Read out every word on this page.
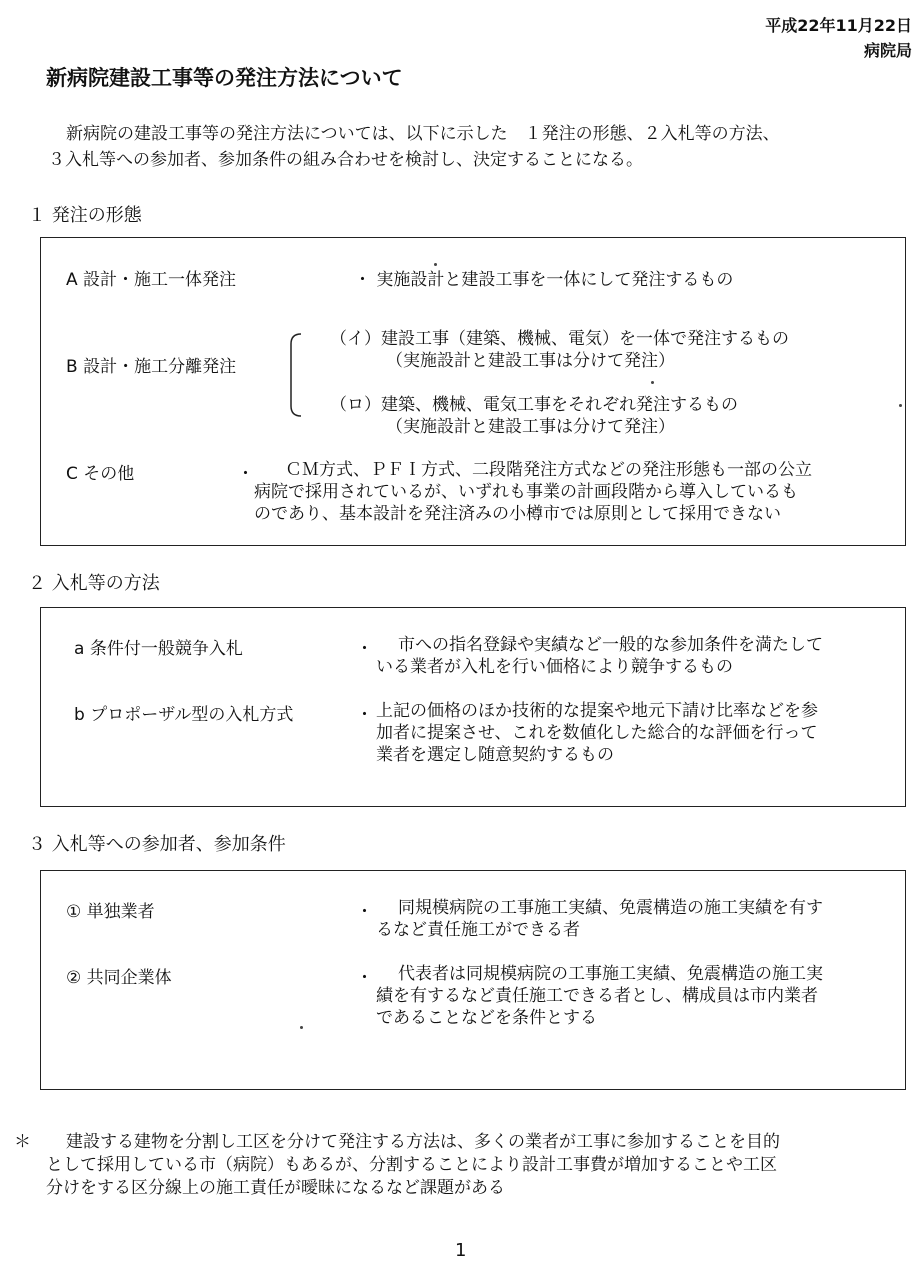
平成22年11月22日
病院局
新病院建設工事等の発注方法について

新病院の建設工事等の発注方法については、以下に示した　１発注の形態、２入札等の方法、

３入札等への参加者、参加条件の組み合わせを検討し、決定することになる。

１ 発注の形態
A 設計・施工一体発注	・ 実施設計と建設工事を一体にして発注するもの
B 設計・施工分離発注
（イ）建設工事（建築、機械、電気）を一体で発注するもの
（実施設計と建設工事は分けて発注）
（ロ）建築、機械、電気工事をそれぞれ発注するもの
（実施設計と建設工事は分けて発注）
C その他	・	ＣＭ方式、ＰＦＩ方式、二段階発注方式などの発注形態も一部の公立
病院で採用されているが、いずれも事業の計画段階から導入しているも
のであり、基本設計を発注済みの小樽市では原則として採用できない
２ 入札等の方法
a 条件付一般競争入札	・	市への指名登録や実績など一般的な参加条件を満たして
いる業者が入札を行い価格により競争するもの
b プロポーザル型の入札方式	・ 上記の価格のほか技術的な提案や地元下請け比率などを参
加者に提案させ、これを数値化した総合的な評価を行って
業者を選定し随意契約するもの
３ 入札等への参加者、参加条件
① 単独業者	・	同規模病院の工事施工実績、免震構造の施工実績を有す
るなど責任施工ができる者
② 共同企業体	・	代表者は同規模病院の工事施工実績、免震構造の施工実
績を有するなど責任施工できる者とし、構成員は市内業者
であることなどを条件とする
＊	建設する建物を分割し工区を分けて発注する方法は、多くの業者が工事に参加することを目的
として採用している市（病院）もあるが、分割することにより設計工事費が増加することや工区
分けをする区分線上の施工責任が曖昧になるなど課題がある
1
